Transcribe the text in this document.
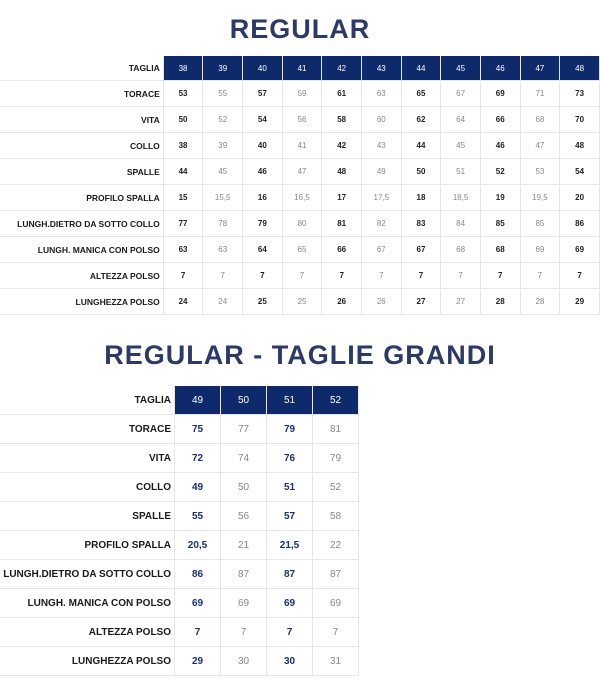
REGULAR
TAGLIA	38	39	40	41	42	43	44	45	46	47	48
TORACE	53	55	57	59	61	63	65	67	69	71	73
VITA	50	52	54	56	58	60	62	64	66	68	70
COLLO	38	39	40	41	42	43	44	45	46	47	48
SPALLE	44	45	46	47	48	49	50	51	52	53	54
PROFILO SPALLA	15	15,5	16	16,5	17	17,5	18	18,5	19	19,5	20
LUNGH.DIETRO DA SOTTO COLLO	77	78	79	80	81	82	83	84	85	85	86
LUNGH. MANICA CON POLSO	63	63	64	65	66	67	67	68	68	69	69
ALTEZZA POLSO	7	7	7	7	7	7	7	7	7	7	7
LUNGHEZZA POLSO	24	24	25	25	26	26	27	27	28	28	29
REGULAR - TAGLIE GRANDI
TAGLIA	49	50	51	52
TORACE	75	77	79	81
VITA	72	74	76	79
COLLO	49	50	51	52
SPALLE	55	56	57	58
PROFILO SPALLA	20,5	21	21,5	22
LUNGH.DIETRO DA SOTTO COLLO	86	87	87	87
LUNGH. MANICA CON POLSO	69	69	69	69
ALTEZZA POLSO	7	7	7	7
LUNGHEZZA POLSO	29	30	30	31
